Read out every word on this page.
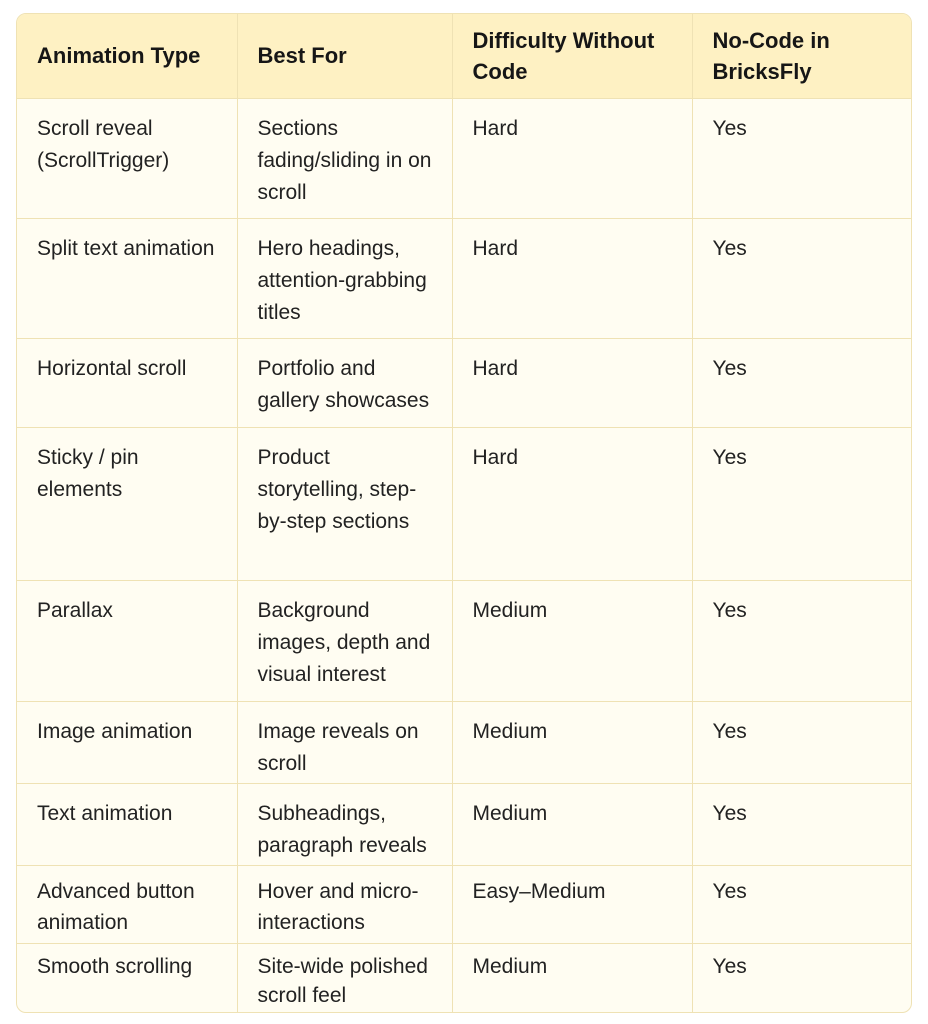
Animation Type	Best For	Difficulty Without Code	No-Code in BricksFly
Scroll reveal (ScrollTrigger)	Sections fading/sliding in on scroll	Hard	Yes
Split text animation	Hero headings, attention-grabbing titles	Hard	Yes
Horizontal scroll	Portfolio and gallery showcases	Hard	Yes
Sticky / pin elements	Product storytelling, step-by-step sections	Hard	Yes
Parallax	Background images, depth and visual interest	Medium	Yes
Image animation	Image reveals on scroll	Medium	Yes
Text animation	Subheadings, paragraph reveals	Medium	Yes
Advanced button animation	Hover and micro-interactions	Easy–Medium	Yes
Smooth scrolling	Site-wide polished scroll feel	Medium	Yes
